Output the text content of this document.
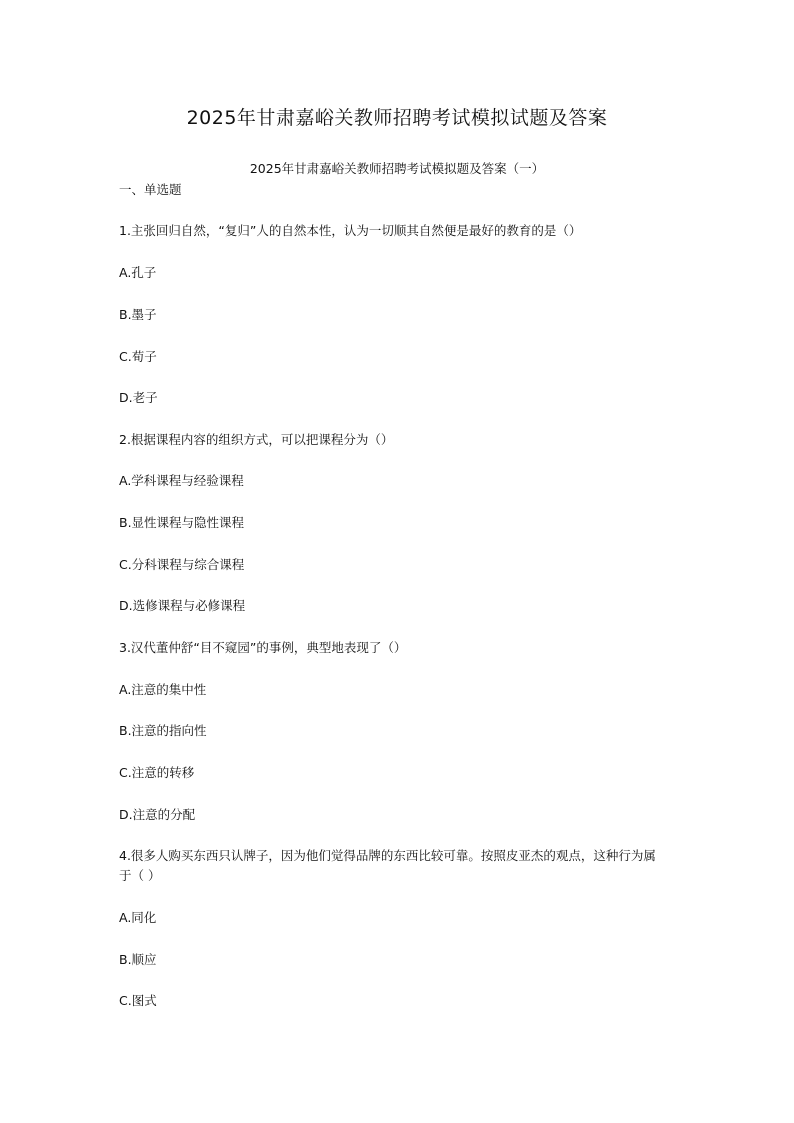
2025年甘肃嘉峪关教师招聘考试模拟试题及答案
2025年甘肃嘉峪关教师招聘考试模拟题及答案（一）
一、单选题
1.主张回归自然，“复归”人的自然本性，认为一切顺其自然便是最好的教育的是（）
A.孔子
B.墨子
C.荀子
D.老子
2.根据课程内容的组织方式，可以把课程分为（）
A.学科课程与经验课程
B.显性课程与隐性课程
C.分科课程与综合课程
D.选修课程与必修课程
3.汉代董仲舒“目不窥园”的事例，典型地表现了（）
A.注意的集中性
B.注意的指向性
C.注意的转移
D.注意的分配
4.很多人购买东西只认牌子，因为他们觉得品牌的东西比较可靠。按照皮亚杰的观点，这种行为属于（ ）
A.同化
B.顺应
C.图式
